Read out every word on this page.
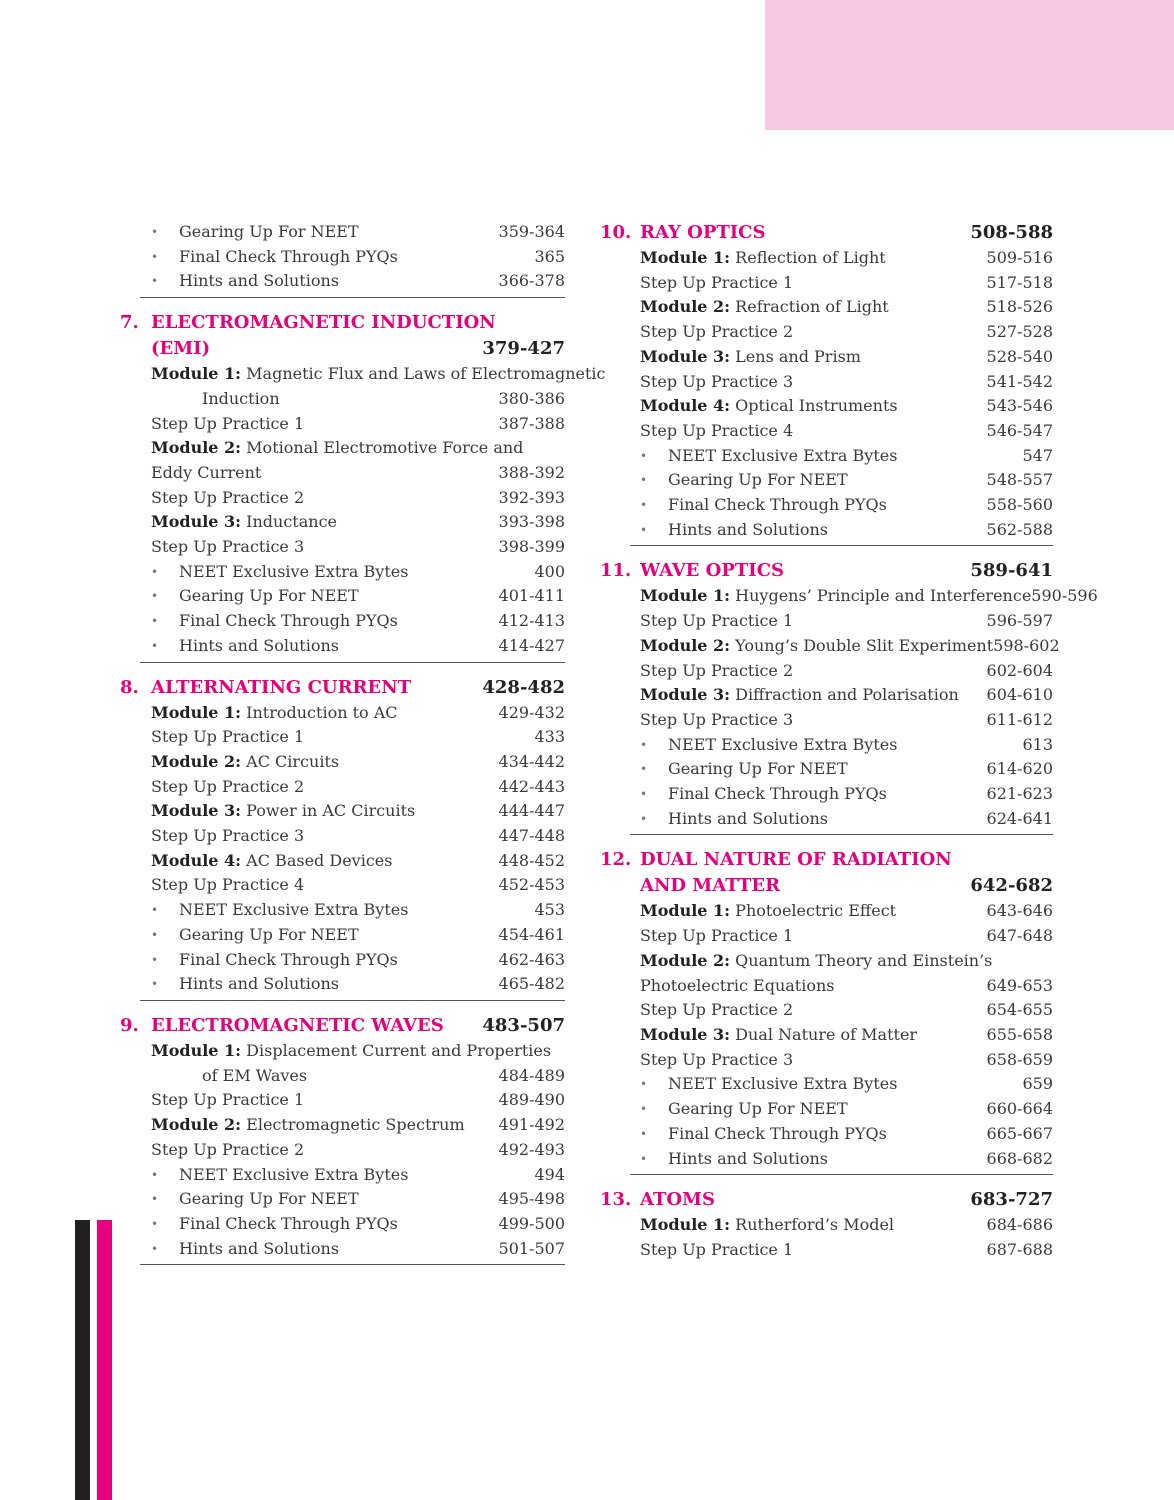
• Gearing Up For NEET	359-364
• Final Check Through PYQs	365
• Hints and Solutions	366-378
7. ELECTROMAGNETIC INDUCTION
(EMI)	379-427
Module 1: Magnetic Flux and Laws of Electromagnetic
Induction	380-386
Step Up Practice 1	387-388
Module 2: Motional Electromotive Force and
Eddy Current	388-392
Step Up Practice 2	392-393
Module 3: Inductance	393-398
Step Up Practice 3	398-399
• NEET Exclusive Extra Bytes	400
• Gearing Up For NEET	401-411
• Final Check Through PYQs	412-413
• Hints and Solutions	414-427
8. ALTERNATING CURRENT	428-482
Module 1: Introduction to AC	429-432
Step Up Practice 1	433
Module 2: AC Circuits	434-442
Step Up Practice 2	442-443
Module 3: Power in AC Circuits	444-447
Step Up Practice 3	447-448
Module 4: AC Based Devices	448-452
Step Up Practice 4	452-453
• NEET Exclusive Extra Bytes	453
• Gearing Up For NEET	454-461
• Final Check Through PYQs	462-463
• Hints and Solutions	465-482
9. ELECTROMAGNETIC WAVES	483-507
Module 1: Displacement Current and Properties
of EM Waves	484-489
Step Up Practice 1	489-490
Module 2: Electromagnetic Spectrum	491-492
Step Up Practice 2	492-493
• NEET Exclusive Extra Bytes	494
• Gearing Up For NEET	495-498
• Final Check Through PYQs	499-500
• Hints and Solutions	501-507
10. RAY OPTICS	508-588
Module 1: Reflection of Light	509-516
Step Up Practice 1	517-518
Module 2: Refraction of Light	518-526
Step Up Practice 2	527-528
Module 3: Lens and Prism	528-540
Step Up Practice 3	541-542
Module 4: Optical Instruments	543-546
Step Up Practice 4	546-547
• NEET Exclusive Extra Bytes	547
• Gearing Up For NEET	548-557
• Final Check Through PYQs	558-560
• Hints and Solutions	562-588
11. WAVE OPTICS	589-641
Module 1: Huygens’ Principle and Interference 590-596
Step Up Practice 1	596-597
Module 2: Young’s Double Slit Experiment 598-602
Step Up Practice 2	602-604
Module 3: Diffraction and Polarisation	604-610
Step Up Practice 3	611-612
• NEET Exclusive Extra Bytes	613
• Gearing Up For NEET	614-620
• Final Check Through PYQs	621-623
• Hints and Solutions	624-641
12. DUAL NATURE OF RADIATION
AND MATTER	642-682
Module 1: Photoelectric Effect	643-646
Step Up Practice 1	647-648
Module 2: Quantum Theory and Einstein’s
Photoelectric Equations	649-653
Step Up Practice 2	654-655
Module 3: Dual Nature of Matter	655-658
Step Up Practice 3	658-659
• NEET Exclusive Extra Bytes	659
• Gearing Up For NEET	660-664
• Final Check Through PYQs	665-667
• Hints and Solutions	668-682
13. ATOMS	683-727
Module 1: Rutherford’s Model	684-686
Step Up Practice 1	687-688
